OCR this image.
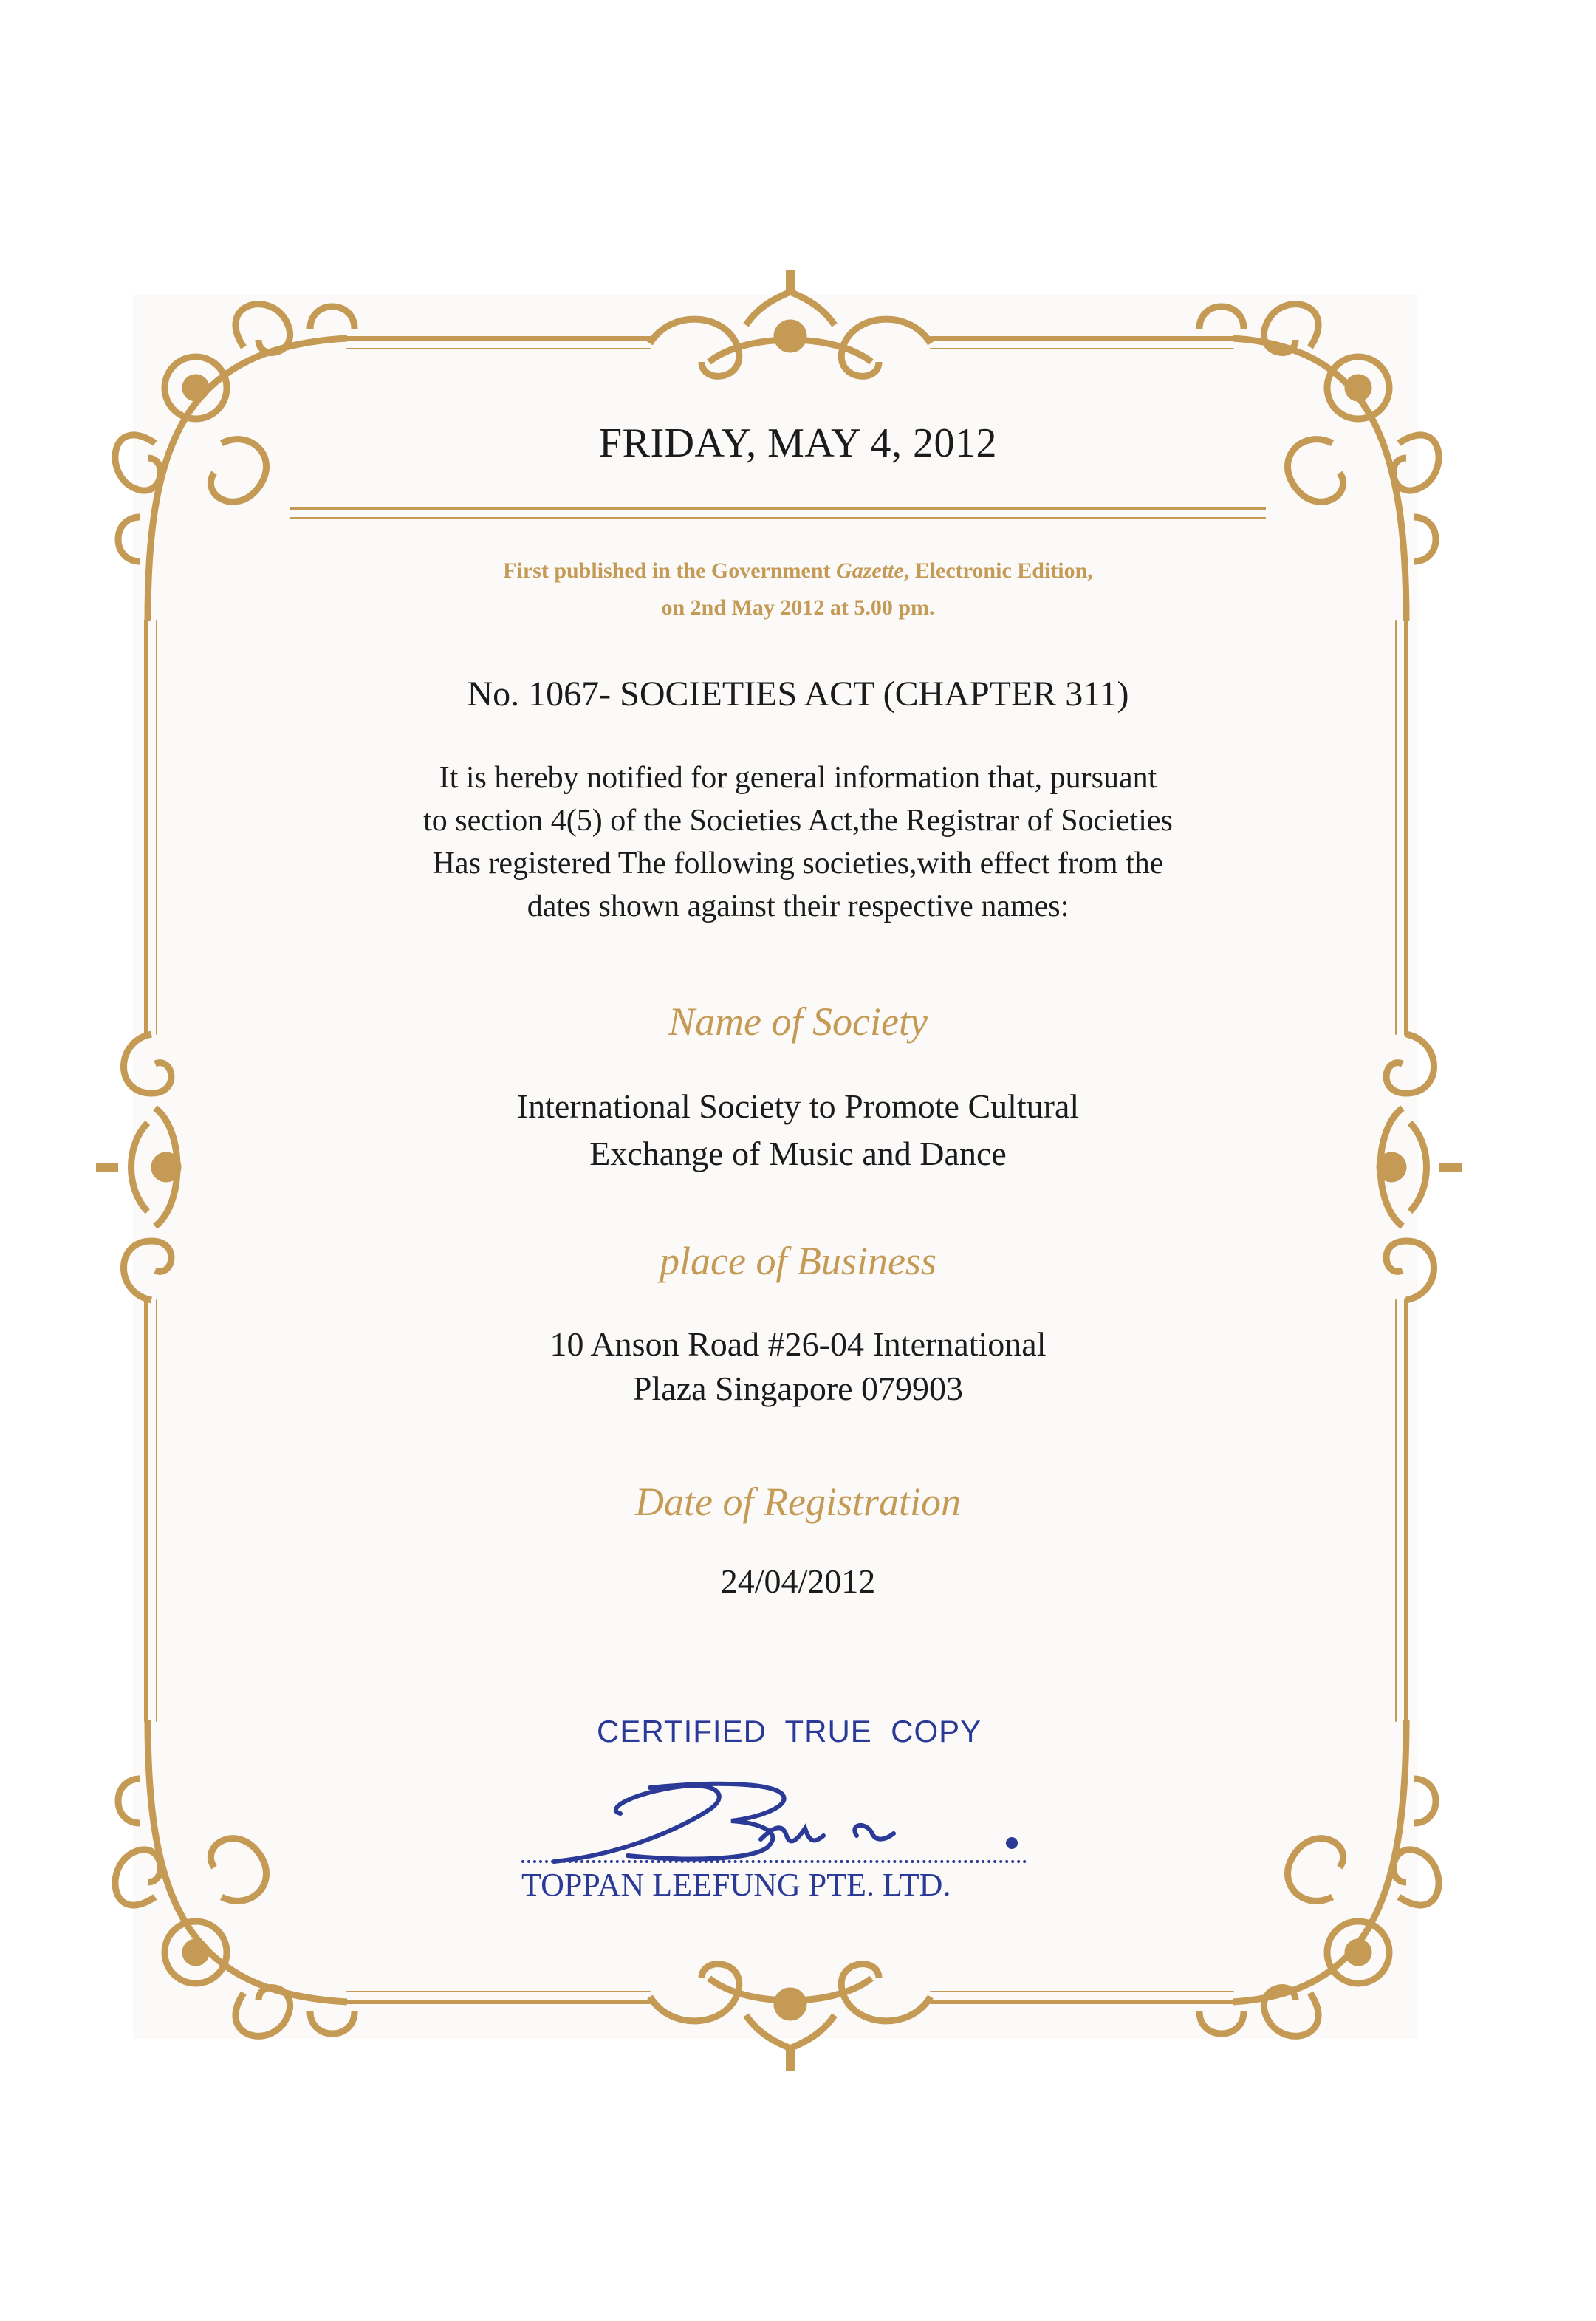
FRIDAY, MAY 4, 2012

First published in the Government Gazette, Electronic Edition,
on 2nd May 2012 at 5.00 pm.

No. 1067- SOCIETIES ACT (CHAPTER 311)

It is hereby notified for general information that, pursuant
to section 4(5) of the Societies Act,the Registrar of Societies
Has registered The following societies,with effect from the
dates shown against their respective names:

Name of Society

International Society to Promote Cultural
Exchange of Music and Dance

place of Business

10 Anson Road #26-04 International
Plaza Singapore 079903

Date of Registration

24/04/2012

CERTIFIED  TRUE  COPY
TOPPAN LEEFUNG PTE. LTD.
